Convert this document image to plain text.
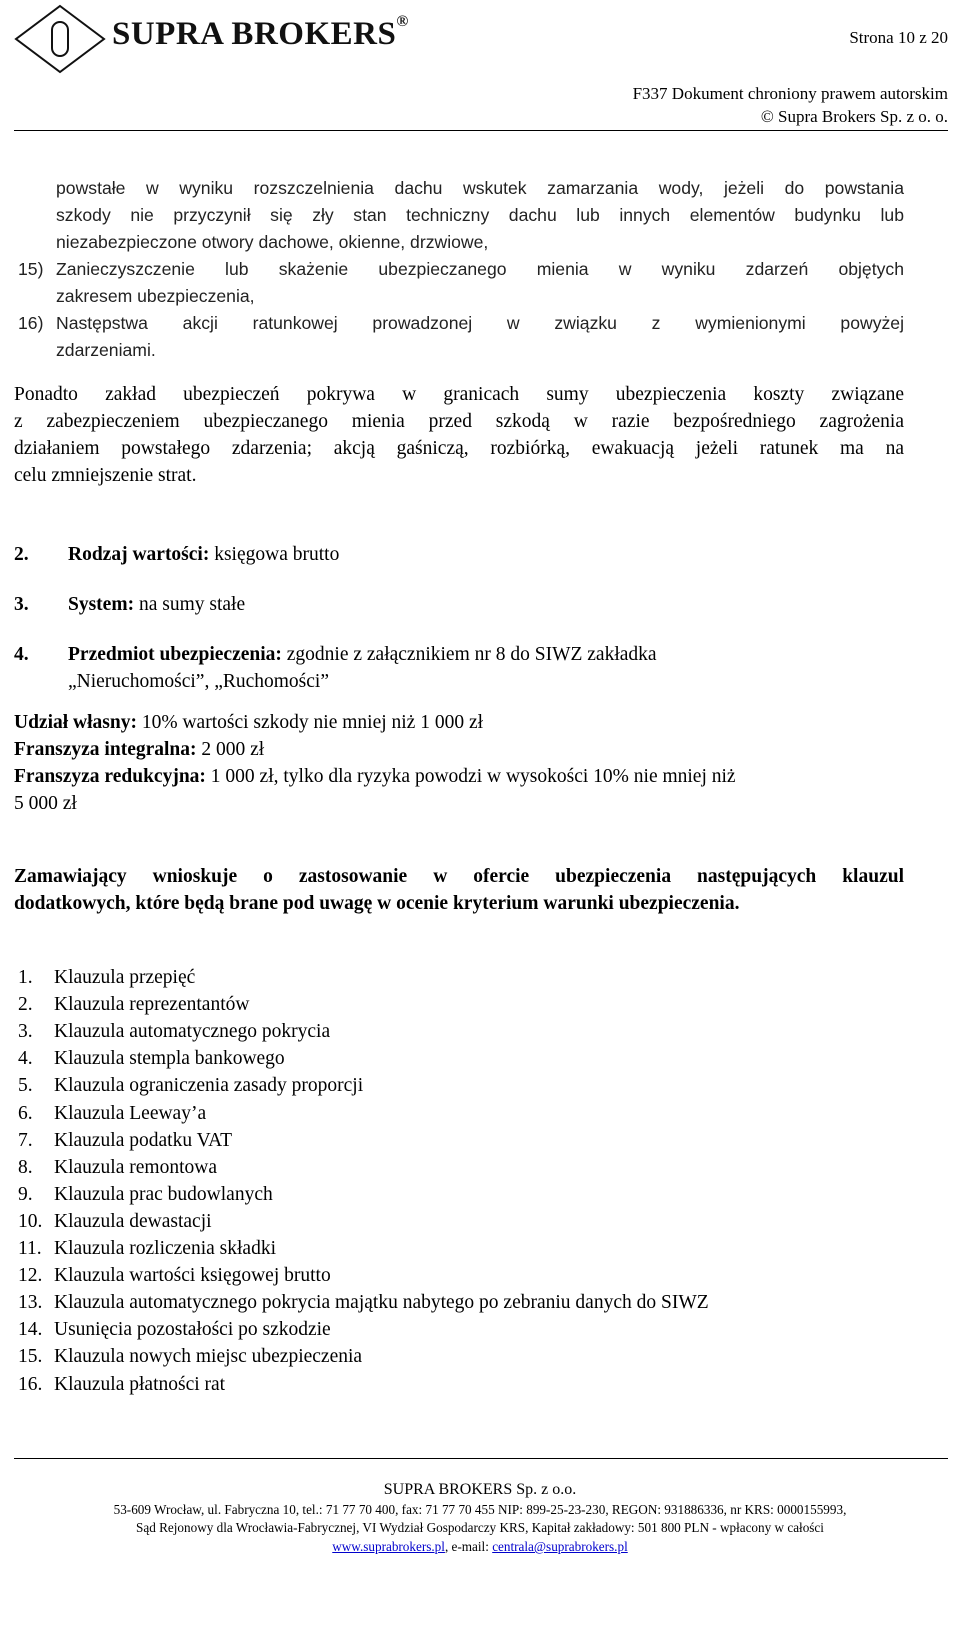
SUPRA BROKERS®
Strona 10 z 20
F337 Dokument chroniony prawem autorskim
© Supra Brokers Sp. z o. o.
powstałe w wyniku rozszczelnienia dachu wskutek zamarzania wody, jeżeli do powstania
szkody nie przyczynił się zły stan techniczny dachu lub innych elementów budynku lub
niezabezpieczone otwory dachowe, okienne, drzwiowe,
15) Zanieczyszczenie lub skażenie ubezpieczanego mienia w wyniku zdarzeń objętych
zakresem ubezpieczenia,
16) Następstwa akcji ratunkowej prowadzonej w związku z wymienionymi powyżej
zdarzeniami.
Ponadto zakład ubezpieczeń pokrywa w granicach sumy ubezpieczenia koszty związane
z zabezpieczeniem ubezpieczanego mienia przed szkodą w razie bezpośredniego zagrożenia
działaniem powstałego zdarzenia; akcją gaśniczą, rozbiórką, ewakuacją jeżeli ratunek ma na
celu zmniejszenie strat.
2. Rodzaj wartości: księgowa brutto
3. System: na sumy stałe
4. Przedmiot ubezpieczenia: zgodnie z załącznikiem nr 8 do SIWZ zakładka
„Nieruchomości”, „Ruchomości”
Udział własny: 10% wartości szkody nie mniej niż 1 000 zł
Franszyza integralna: 2 000 zł
Franszyza redukcyjna: 1 000 zł, tylko dla ryzyka powodzi w wysokości 10% nie mniej niż
5 000 zł
Zamawiający wnioskuje o zastosowanie w ofercie ubezpieczenia następujących klauzul
dodatkowych, które będą brane pod uwagę w ocenie kryterium warunki ubezpieczenia.
1. Klauzula przepięć
2. Klauzula reprezentantów
3. Klauzula automatycznego pokrycia
4. Klauzula stempla bankowego
5. Klauzula ograniczenia zasady proporcji
6. Klauzula Leeway’a
7. Klauzula podatku VAT
8. Klauzula remontowa
9. Klauzula prac budowlanych
10. Klauzula dewastacji
11. Klauzula rozliczenia składki
12. Klauzula wartości księgowej brutto
13. Klauzula automatycznego pokrycia majątku nabytego po zebraniu danych do SIWZ
14. Usunięcia pozostałości po szkodzie
15. Klauzula nowych miejsc ubezpieczenia
16. Klauzula płatności rat
SUPRA BROKERS Sp. z o.o.
53-609 Wrocław, ul. Fabryczna 10, tel.: 71 77 70 400, fax: 71 77 70 455 NIP: 899-25-23-230, REGON: 931886336, nr KRS: 0000155993,
Sąd Rejonowy dla Wrocławia-Fabrycznej, VI Wydział Gospodarczy KRS, Kapitał zakładowy: 501 800 PLN - wpłacony w całości
www.suprabrokers.pl, e-mail: centrala@suprabrokers.pl
